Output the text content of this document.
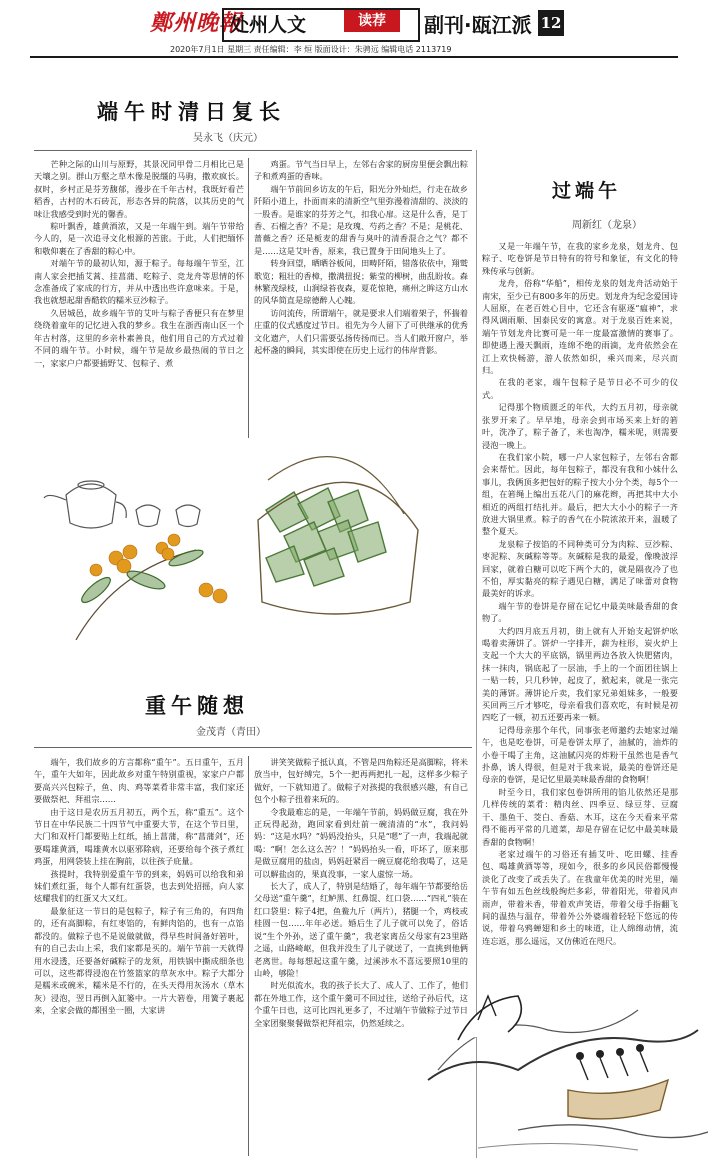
鄭州晚報
处州人文	读荐	副刊·瓯江派 12
2020年7月1日 星期三 责任编辑：李 烜 版面设计：朱骋远 编辑电话 2113719
端午时清日复长
吴永飞（庆元）

芒种之际的山川与原野，其景况同甲骨二月相比已是天壤之别。群山万壑之草木像是脱缰的马驹，撒欢疯长。叔时，乡村正是芬芳馥郁，漫步在千年古村，我既好看芒稻香，古村的木石砖瓦，形态各异的院落，以其历史的气味让我感受到时光的馨香。

粽叶飘香，雄黄酒浓，又是一年端午到。端午节带给今人的，是一次追寻文化根源的苦旅。于此，人们把缅怀和敬仰裹在了香甜的粽心中。

对端午节的最初认知，源于粽子。每每端午节至，江南人家会把插艾蒿、挂菖蒲、吃粽子、竞龙舟等思情的怀念准备成了家成的行方，并从中透出些许意味来。于是，我也就想起甜香酷软的糯米豆沙粽子。

久居城邑，故乡端午节的艾叶与粽子香便只有在梦里绕绕着童年的记忆进入我的梦乡。我生在浙西南山区一个年古村落，这里的乡亲朴素善良，他们用自己的方式过着不同的端午节。小时候，端午节是故乡最热闹的节日之一，家家户户都要插野艾、包粽子、煮

鸡蛋。节气当日早上，左邻右舍家的厨房里便会飘出粽子和煮鸡蛋的香味。

端午节前回乡访友的午后，阳光分外灿烂，行走在故乡阡陌小道上，扑面而来的清新空气里弥漫着清甜的、淡淡的一股香。是谁家的芬芳之气，扣我心扉。这是什么香，是丁香、石榴之香？不是；是玫瑰、芍药之香？不是；是桃花、蔷薇之香？还是栀麦的甜香与臭叶的清香混合之气？都不是……这是艾叶香，原来，我已置身于田间地头上了。

转身回望，晒晒谷板间，田畴阡陌，错落依依中，翔鹫歌览；粗壮的香樟，撒满扭捉；紫莹的柳树，曲乱盼妆。森林繁茂绿枝，山涧绿苔夜森，夏花惊艳，痛州之眸这方山水的风华简直是琼德醉人心魄。

访问流传，所谓端午，就是要求人们端着架子，怀揣着庄重的仪式感度过节日。祖先为今人留下了可供继承的优秀文化遗产，人们只需要弘扬传扬而已。当人们敞开窗户，举起杯盏的瞬间，其实即使在历史上远行的伟岸背影。

重午随想
金茂青（青田）

端午，我们故乡的方言都称“重午”。五日重午，五月午，重午大如年，因此故乡对重午特别重视，家家户户都要高兴兴包粽子，鱼、肉、鸡等菜肴非常丰富，我们家还要做祭祀、拜祖宗……

由于这日是农历五月初五，两个五，称“重五”。这个节日在中华民族二十四节气中重要大节，在这个节日里，大门和双杆门都要贴上红纸，插上菖蒲，称“菖蒲剑”，还要喝雄黄酒，喝雄黄水以驱邪除病，还要给每个孩子煮红鸡蛋，用网袋装上挂在胸前，以往孩子庇量。

孩提时，我特别爱重午节的到来，妈妈可以给我和弟妹们煮红蛋，每个人都有红蛋袋，也去到处招摇，向人家炫耀我们的红蛋又大又红。

最象征这一节日的是包粽子，粽子有三角的，有四角的，还有高脚粽，有红枣馅的，有鲜肉馅的，也有一点馅都没的。做粽子也不是说做就做，得早些时间备好箬叶，有的自己去山上采，我们家都是买的。端午节前一天就得用水浸透，还要备好碱粽子的龙须，用铁锅中撕成细条也可以，这些都得浸泡在竹签篮家的草灰水中。粽子大都分是糯米或碗米，糯米是不行的，在头天得用灰汤水（草木灰）浸泡，翌日再倒入缸篓中。一片大箬卷，用簧子裹起来，全家会做的都围坐一圈，大家讲

讲笑笑做粽子抵认真，不管是四角粽还是高脚粽，将米放当中，包好缚完，5个一把再两把扎一起，这样多少粽子做好，一下就知道了。做粽子对孩提的我很感兴趣，有自己包个小粽子扭着来玩的。

令我最难忘的是，一年端午节前，妈妈做豆腐，我在外正玩得起劲，跑回家看到灶前一碗清清的“水”，我问妈妈：“这是水吗？”妈妈没抬头，只是“嗯”了一声，我端起就喝：“啊！怎么这么苦？！”妈妈抬头一看，吓坏了，原来那是做豆腐用的盐卤，妈妈赶紧舀一碗豆腐花给我喝了，这是可以解盐卤的，果真没事，一家人虚惊一场。

长大了，成人了，特别是结婚了，每年端午节都要给岳父母送“重午羹”，红鲈黑、红鼻馄、红口袋……“四礼”装在红口袋里：粽子4把，鱼鲞九斤（两片），猪腿一个，鸡枝或桂圆一包……年年必送。婚后生了儿子就可以免了，俗话说“生个外孙，送了重午羹”，我老家离岳父母家有23里路之遥，山路崎岖，但我并没生了儿子就送了，一直挑到他俩老离世。每每想起这重午羹，过溪涉水不喜远要照10里的山岭，够险！

时光似流水，我的孩子长大了、成人了、工作了，他们都在外地工作，这个重午羹可不回过往，送给子孙后代，这个重午日也，这可比四礼更多了，不过端午节做粽子过节日全家团聚聚餐做祭祀拜祖宗，仍然延续之。

过端午
周新红（龙泉）

又是一年端午节，在我的家乡龙泉，划龙舟、包粽子、吃卷饼是节日特有的符号和象征，有文化的特殊传承与创新。

龙舟，俗称“华船”，相传龙泉的划龙舟活动始于南宋，至少已有800多年的历史。划龙舟为纪念爱国诗人屈原，在老百姓心目中，它还含有驱逐“瘟神”，求得风调雨顺、国泰民安的寓意。对于龙泉百姓来说，端午节划龙舟比赛可是一年一度最富激情的赛事了。即使遇上漫天飘雨，连绵不绝的雨滴，龙舟依然会在江上欢快畅游，游人依然如织，乘兴而来，尽兴而归。

在我的老家，端午包粽子是节日必不可少的仪式。

记得那个物质匮乏的年代，大约五月初，母亲就张罗开来了。早早地，母亲会到市场买来上好的箬叶，洗净了，粽子备了，米也淘净，糯米呢，则需要浸泡一晚上。

在我们家小院，哪一户人家包粽子，左邻右舍都会来帮忙。因此，每年包粽子，都没有我和小妹什么事儿，我俩顶多把包好的粽子按大小分个类，每5个一组，在箬绳上编出五花八门的麻花辫，再把其中大小相近的两组打结扎并。最后，把大大小小的粽子一齐放进大锅里煮。粽子的香气在小院浓浓开来，温暖了整个夏天。

龙泉粽子按馅的不同种类可分为肉粽、豆沙粽、枣泥粽、灰碱粽等等。灰碱粽是我的最爱，像晚波浮回家，就着白糖可以吃下两个大的，就是隔夜冷了也不怕，厚实黏亮的粽子遇见白糖，满足了味蕾对食物最美好的诉求。

端午节的卷饼是存留在记忆中最美味最香甜的食物了。

大约四月底五月初，街上就有人开始支起饼炉吆喝着卖薄饼了。饼炉一字排开，薪为柱形，炭火炉上支起一个大大的平底锅，锅里两边各放入快肥猪肉，抹一抹肉，锅底起了一层油，手上的一个面团往锅上一贴一转，只几秒钟，起皮了，掀起来，就是一张完美的薄饼。薄饼论斤卖，我们家兄弟姐妹多，一般要买回两三斤才够吃，母亲看我们喜欢吃，有时候是初四吃了一顿，初五还要再来一顿。

记得母亲那个年代，同事张老师邀约去她家过端午，也是吃卷饼，可是卷饼太厚了，油腻的，油炸的小卷干喝了主角，这油腻闪亮的炸粉干虽然也是香气扑鼻，诱人得很，但是对于我来说，最美的卷饼还是母亲的卷饼，是记忆里最美味最香甜的食物啊！

时至今日，我们家包卷饼所用的馅儿依然还是那几样传统的菜肴：精肉丝、四季豆、绿豆芽、豆腐干、墨鱼干、茭白、香菇、木耳，这在今天看来平常得不能再平常的几道菜，却是存留在记忆中最美味最香甜的食物啊！

老家过端午的习俗还有插艾叶、吃田螺、挂香包、喝雄黄酒等等，现如今，很多的乡风民俗都慢慢淡化了改变了或丢失了。在我童年优美的时光里，端午节有如五色丝线般绚烂多彩，带着阳光，带着风声雨声，带着米香，带着欢声笑语，带着父母手指翻飞间的温热与温存，带着外公外婆端着轻轻下悠远的传说，带着乌鸦蝉翅和乡土的味道，让人绵绵动情，流连忘返，那么遥远，又仿佛近在咫尺。
